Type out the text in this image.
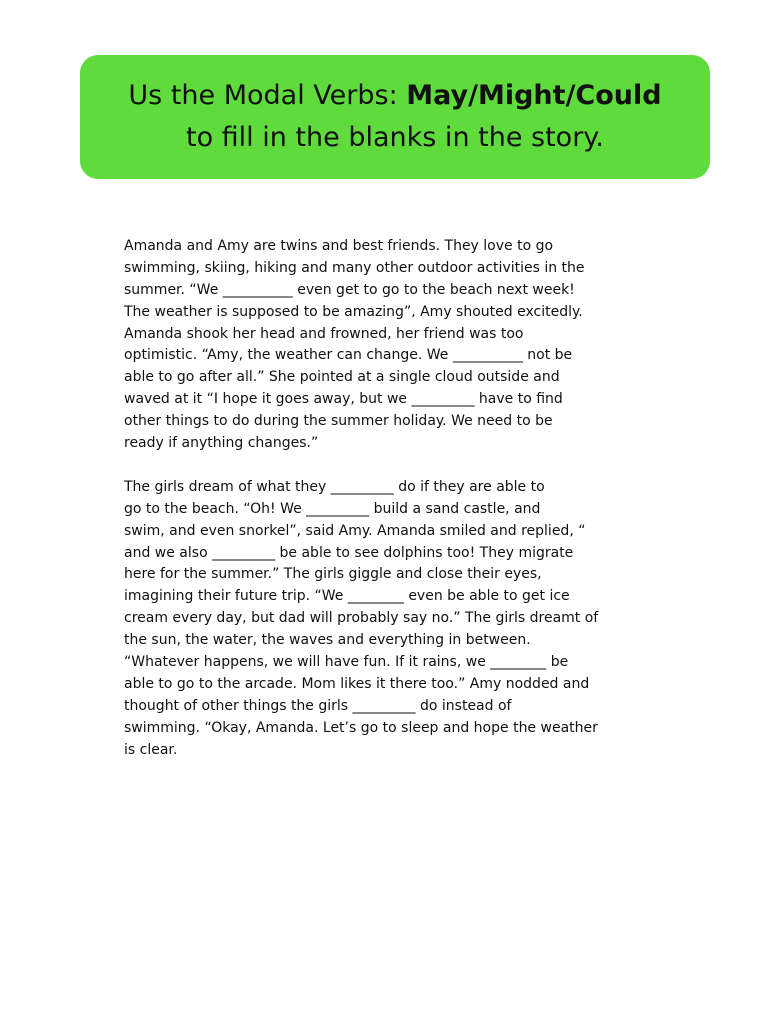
Us the Modal Verbs: May/Might/Could
to fill in the blanks in the story.
Amanda and Amy are twins and best friends. They love to go
swimming, skiing, hiking and many other outdoor activities in the
summer. “We __________ even get to go to the beach next week!
The weather is supposed to be amazing”, Amy shouted excitedly.
Amanda shook her head and frowned, her friend was too
optimistic. “Amy, the weather can change. We __________ not be
able to go after all.” She pointed at a single cloud outside and
waved at it “I hope it goes away, but we _________ have to find
other things to do during the summer holiday. We need to be
ready if anything changes.”
The girls dream of what they _________ do if they are able to
go to the beach. “Oh! We _________ build a sand castle, and
swim, and even snorkel”, said Amy. Amanda smiled and replied, “
and we also _________ be able to see dolphins too! They migrate
here for the summer.” The girls giggle and close their eyes,
imagining their future trip. “We ________ even be able to get ice
cream every day, but dad will probably say no.” The girls dreamt of
the sun, the water, the waves and everything in between.
“Whatever happens, we will have fun. If it rains, we ________ be
able to go to the arcade. Mom likes it there too.” Amy nodded and
thought of other things the girls _________ do instead of
swimming. “Okay, Amanda. Let’s go to sleep and hope the weather
is clear.
